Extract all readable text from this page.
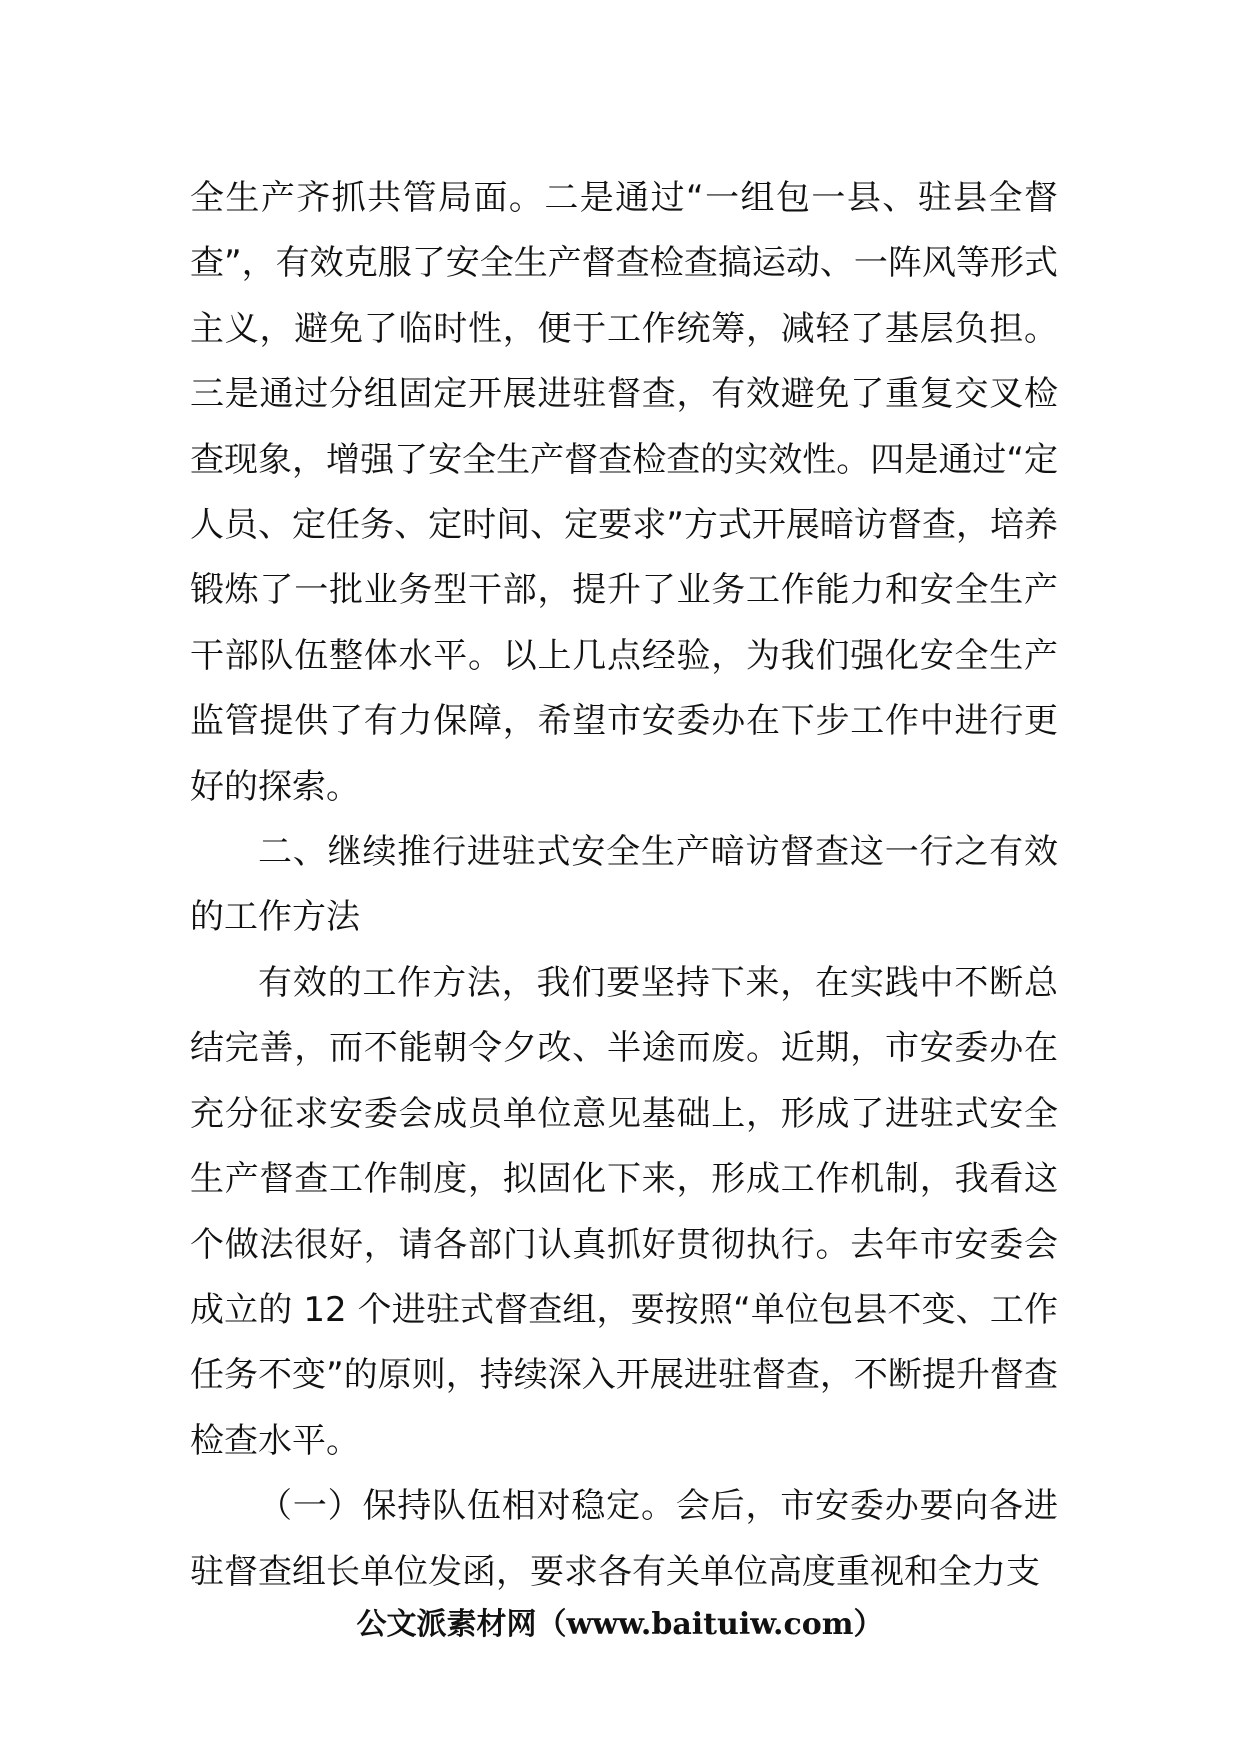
全生产齐抓共管局面。二是通过“一组包一县、驻县全督查”，有效克服了安全生产督查检查搞运动、一阵风等形式主义，避免了临时性，便于工作统筹，减轻了基层负担。三是通过分组固定开展进驻督查，有效避免了重复交叉检查现象，增强了安全生产督查检查的实效性。四是通过“定人员、定任务、定时间、定要求”方式开展暗访督查，培养锻炼了一批业务型干部，提升了业务工作能力和安全生产干部队伍整体水平。以上几点经验，为我们强化安全生产监管提供了有力保障，希望市安委办在下步工作中进行更好的探索。

二、继续推行进驻式安全生产暗访督查这一行之有效的工作方法

有效的工作方法，我们要坚持下来，在实践中不断总结完善，而不能朝令夕改、半途而废。近期，市安委办在充分征求安委会成员单位意见基础上，形成了进驻式安全生产督查工作制度，拟固化下来，形成工作机制，我看这个做法很好，请各部门认真抓好贯彻执行。去年市安委会成立的 12 个进驻式督查组，要按照“单位包县不变、工作任务不变”的原则，持续深入开展进驻督查，不断提升督查检查水平。

（一）保持队伍相对稳定。会后，市安委办要向各进驻督查组长单位发函，要求各有关单位高度重视和全力支

公文派素材网（www.baituiw.com）
